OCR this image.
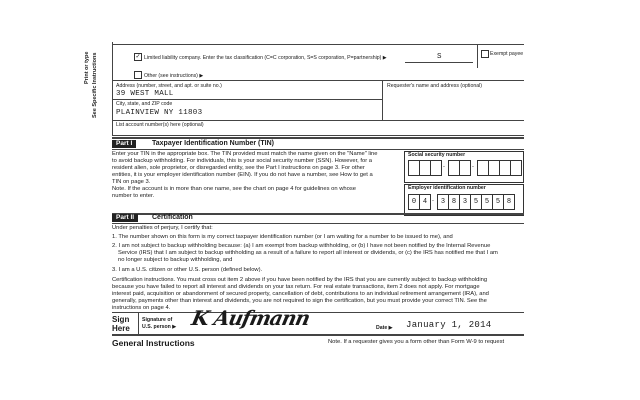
Print or type See Specific Instructions	✓ Limited liability company. Enter the tax classification (C=C corporation, S=S corporation, P=partnership) ▶	S	Exempt payee
Other (see instructions) ▶
Address (number, street, and apt. or suite no.)
39 WEST MALL
Requester's name and address (optional)
City, state, and ZIP code
PLAINVIEW NY 11803
List account number(s) here (optional)
Part I	Taxpayer Identification Number (TIN)
Enter your TIN in the appropriate box. The TIN provided must match the name given on the "Name" line
to avoid backup withholding. For individuals, this is your social security number (SSN). However, for a
resident alien, sole proprietor, or disregarded entity, see the Part I instructions on page 3. For other
entities, it is your employer identification number (EIN). If you do not have a number, see How to get a
TIN on page 3.
Note. If the account is in more than one name, see the chart on page 4 for guidelines on whose
number to enter.
Social security number
-	-
Employer identification number
0 4 - 3 8 3 5 5 5 8
Part II	Certification
Under penalties of perjury, I certify that:
1. The number shown on this form is my correct taxpayer identification number (or I am waiting for a number to be issued to me), and
2. I am not subject to backup withholding because: (a) I am exempt from backup withholding, or (b) I have not been notified by the Internal Revenue
Service (IRS) that I am subject to backup withholding as a result of a failure to report all interest or dividends, or (c) the IRS has notified me that I am
no longer subject to backup withholding, and
3. I am a U.S. citizen or other U.S. person (defined below).
Certification instructions. You must cross out item 2 above if you have been notified by the IRS that you are currently subject to backup withholding
because you have failed to report all interest and dividends on your tax return. For real estate transactions, item 2 does not apply. For mortgage
interest paid, acquisition or abandonment of secured property, cancellation of debt, contributions to an individual retirement arrangement (IRA), and
generally, payments other than interest and dividends, you are not required to sign the certification, but you must provide your correct TIN. See the
instructions on page 4.
Sign
Here
Signature of
U.S. person ▶ K Aufmann	Date ▶ January 1, 2014
General Instructions	Note. If a requester gives you a form other than Form W-9 to request
